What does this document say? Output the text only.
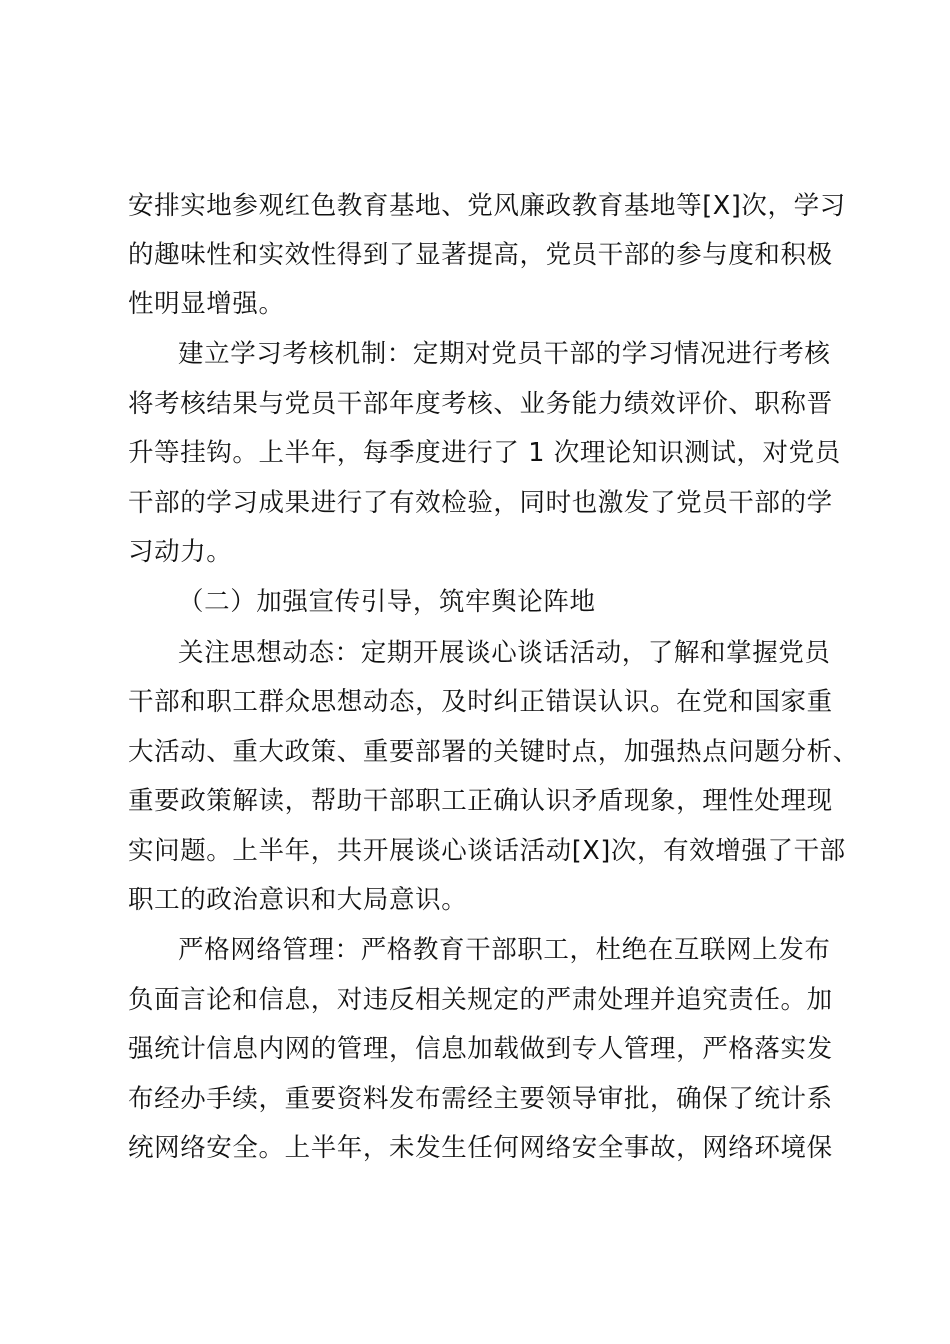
安排实地参观红色教育基地、党风廉政教育基地等[X]次，学习
的趣味性和实效性得到了显著提高，党员干部的参与度和积极
性明显增强。
建立学习考核机制：定期对党员干部的学习情况进行考核
将考核结果与党员干部年度考核、业务能力绩效评价、职称晋
升等挂钩。上半年，每季度进行了 1 次理论知识测试，对党员
干部的学习成果进行了有效检验，同时也激发了党员干部的学
习动力。
（二）加强宣传引导，筑牢舆论阵地
关注思想动态：定期开展谈心谈话活动，了解和掌握党员
干部和职工群众思想动态，及时纠正错误认识。在党和国家重
大活动、重大政策、重要部署的关键时点，加强热点问题分析、
重要政策解读，帮助干部职工正确认识矛盾现象，理性处理现
实问题。上半年，共开展谈心谈话活动[X]次，有效增强了干部
职工的政治意识和大局意识。
严格网络管理：严格教育干部职工，杜绝在互联网上发布
负面言论和信息，对违反相关规定的严肃处理并追究责任。加
强统计信息内网的管理，信息加载做到专人管理，严格落实发
布经办手续，重要资料发布需经主要领导审批，确保了统计系
统网络安全。上半年，未发生任何网络安全事故，网络环境保
